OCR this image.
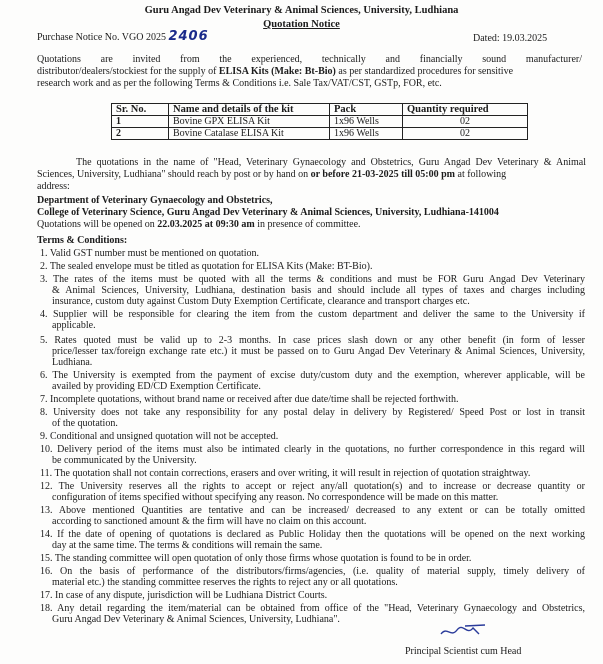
Guru Angad Dev Veterinary & Animal Sciences, University, Ludhiana
Quotation Notice
Purchase Notice No. VGO 2025 2406	Dated: 19.03.2025
Quotations are invited from the experienced, technically and financially sound manufacturer/
distributor/dealers/stockiest for the supply of ELISA Kits (Make: Bt-Bio) as per standardized procedures for sensitive
research work and as per the following Terms & Conditions i.e. Sale Tax/VAT/CST, GSTp, FOR, etc.
Sr. No.	Name and details of the kit	Pack	Quantity required
1	Bovine GPX ELISA Kit	1x96 Wells	02
2	Bovine Catalase ELISA Kit	1x96 Wells	02
The quotations in the name of "Head, Veterinary Gynaecology and Obstetrics, Guru Angad Dev Veterinary & Animal
Sciences, University, Ludhiana" should reach by post or by hand on or before 21-03-2025 till 05:00 pm at following
address:
Department of Veterinary Gynaecology and Obstetrics,
College of Veterinary Science, Guru Angad Dev Veterinary & Animal Sciences, University, Ludhiana-141004
Quotations will be opened on 22.03.2025 at 09:30 am in presence of committee.
Terms & Conditions:
1. Valid GST number must be mentioned on quotation.
2. The sealed envelope must be titled as quotation for ELISA Kits (Make: BT-Bio).
3. The rates of the items must be quoted with all the terms & conditions and must be FOR Guru Angad Dev Veterinary
& Animal Sciences, University, Ludhiana, destination basis and should include all types of taxes and charges including
insurance, custom duty against Custom Duty Exemption Certificate, clearance and transport charges etc.
4. Supplier will be responsible for clearing the item from the custom department and deliver the same to the University if
applicable.
5. Rates quoted must be valid up to 2-3 months. In case prices slash down or any other benefit (in form of lesser
price/lesser tax/foreign exchange rate etc.) it must be passed on to Guru Angad Dev Veterinary & Animal Sciences, University,
Ludhiana.
6. The University is exempted from the payment of excise duty/custom duty and the exemption, wherever applicable, will be
availed by providing ED/CD Exemption Certificate.
7. Incomplete quotations, without brand name or received after due date/time shall be rejected forthwith.
8. University does not take any responsibility for any postal delay in delivery by Registered/ Speed Post or lost in transit
of the quotation.
9. Conditional and unsigned quotation will not be accepted.
10. Delivery period of the items must also be intimated clearly in the quotations, no further correspondence in this regard will
be communicated by the University.
11. The quotation shall not contain corrections, erasers and over writing, it will result in rejection of quotation straightway.
12. The University reserves all the rights to accept or reject any/all quotation(s) and to increase or decrease quantity or
configuration of items specified without specifying any reason. No correspondence will be made on this matter.
13. Above mentioned Quantities are tentative and can be increased/ decreased to any extent or can be totally omitted
according to sanctioned amount & the firm will have no claim on this account.
14. If the date of opening of quotations is declared as Public Holiday then the quotations will be opened on the next working
day at the same time. The terms & conditions will remain the same.
15. The standing committee will open quotation of only those firms whose quotation is found to be in order.
16. On the basis of performance of the distributors/firms/agencies, (i.e. quality of material supply, timely delivery of
material etc.) the standing committee reserves the rights to reject any or all quotations.
17. In case of any dispute, jurisdiction will be Ludhiana District Courts.
18. Any detail regarding the item/material can be obtained from office of the "Head, Veterinary Gynaecology and Obstetrics,
Guru Angad Dev Veterinary & Animal Sciences, University, Ludhiana".
Principal Scientist cum Head
